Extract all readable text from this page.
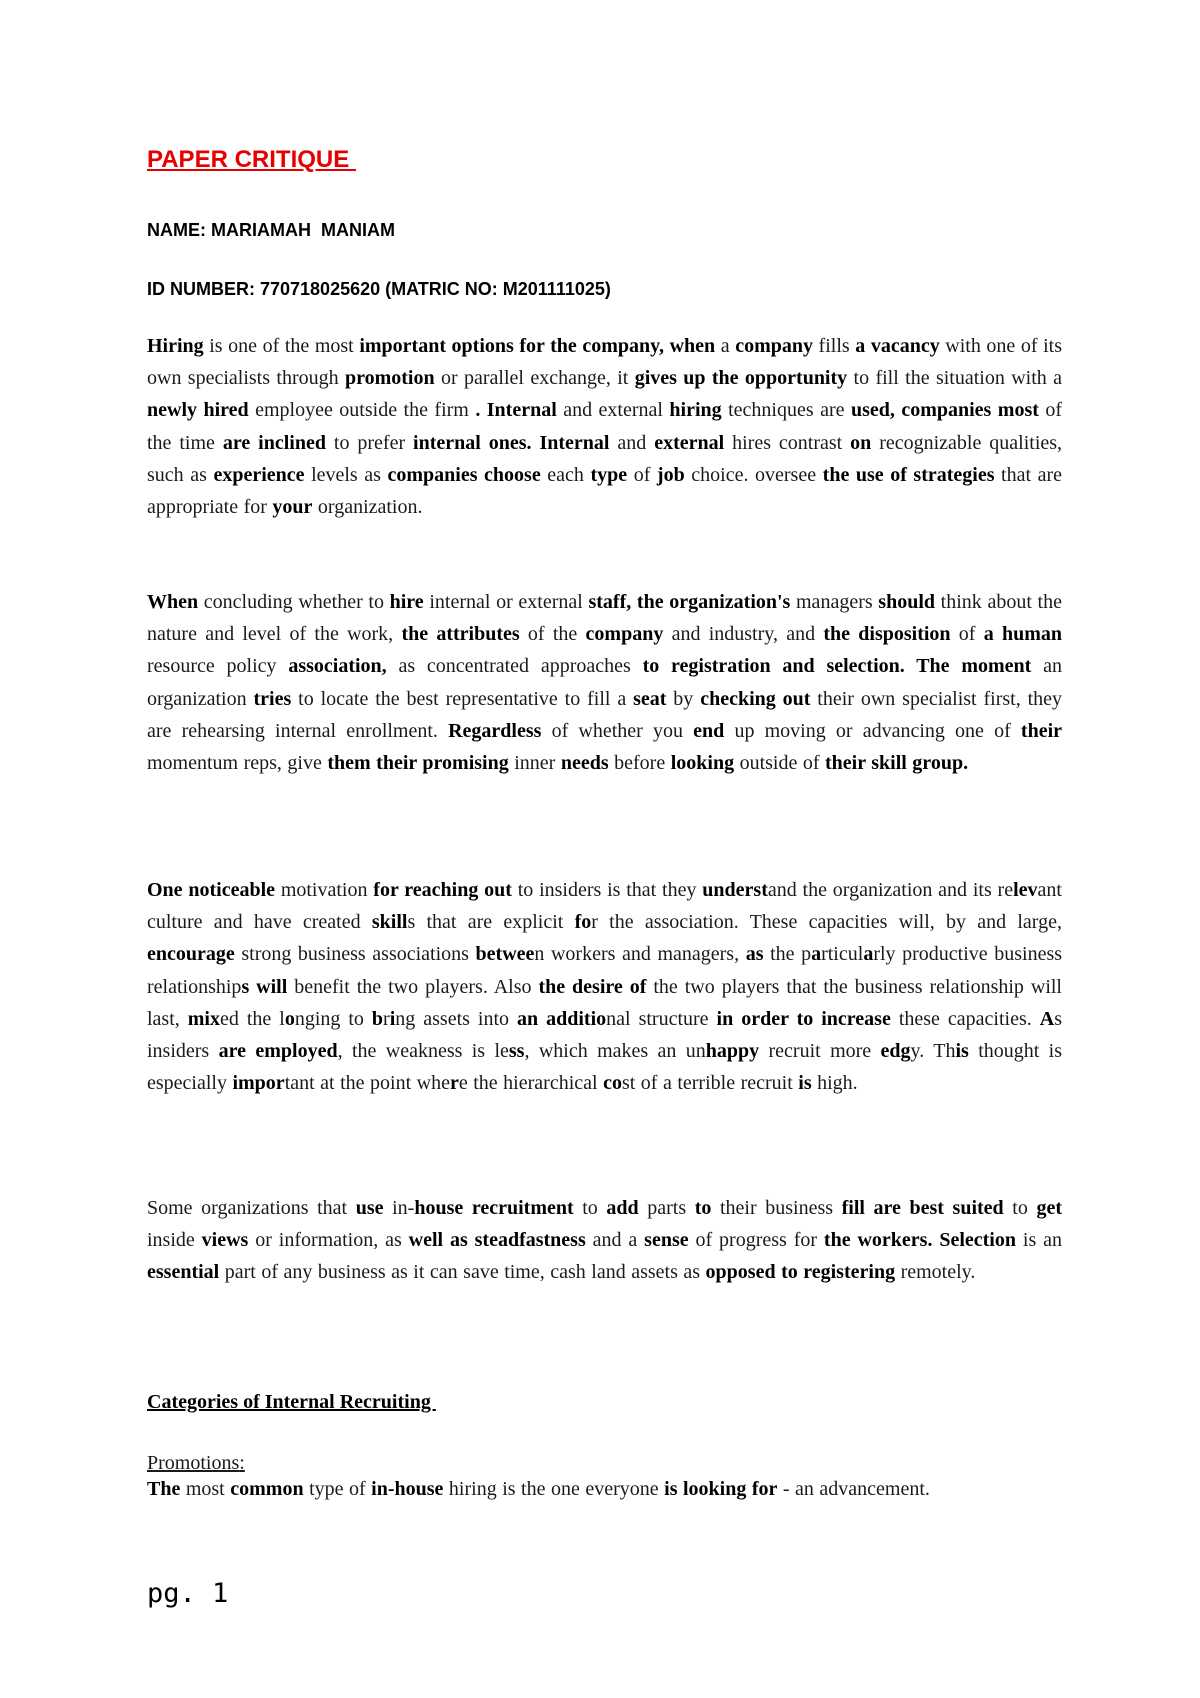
PAPER CRITIQUE

NAME: MARIAMAH  MANIAM

ID NUMBER: 770718025620 (MATRIC NO: M201111025)

Hiring is one of the most important options for the company, when a company fills a vacancy with one of its own specialists through promotion or parallel exchange, it gives up the opportunity to fill the situation with a newly hired employee outside the firm . Internal and external hiring techniques are used, companies most of the time are inclined to prefer internal ones. Internal and external hires contrast on recognizable qualities, such as experience levels as companies choose each type of job choice. oversee the use of strategies that are appropriate for your organization.

When concluding whether to hire internal or external staff, the organization's managers should think about the nature and level of the work, the attributes of the company and industry, and the disposition of a human resource policy association, as concentrated approaches to registration and selection. The moment an organization tries to locate the best representative to fill a seat by checking out their own specialist first, they are rehearsing internal enrollment. Regardless of whether you end up moving or advancing one of their momentum reps, give them their promising inner needs before looking outside of their skill group.

One noticeable motivation for reaching out to insiders is that they understand the organization and its relevant culture and have created skills that are explicit for the association. These capacities will, by and large, encourage strong business associations between workers and managers, as the particularly productive business relationships will benefit the two players. Also the desire of the two players that the business relationship will last, mixed the longing to bring assets into an additional structure in order to increase these capacities. As insiders are employed, the weakness is less, which makes an unhappy recruit more edgy. This thought is especially important at the point where the hierarchical cost of a terrible recruit is high.

Some organizations that use in-house recruitment to add parts to their business fill are best suited to get inside views or information, as well as steadfastness and a sense of progress for the workers. Selection is an essential part of any business as it can save time, cash land assets as opposed to registering remotely.

Categories of Internal Recruiting

Promotions:

The most common type of in-house hiring is the one everyone is looking for - an advancement.

pg. 1
